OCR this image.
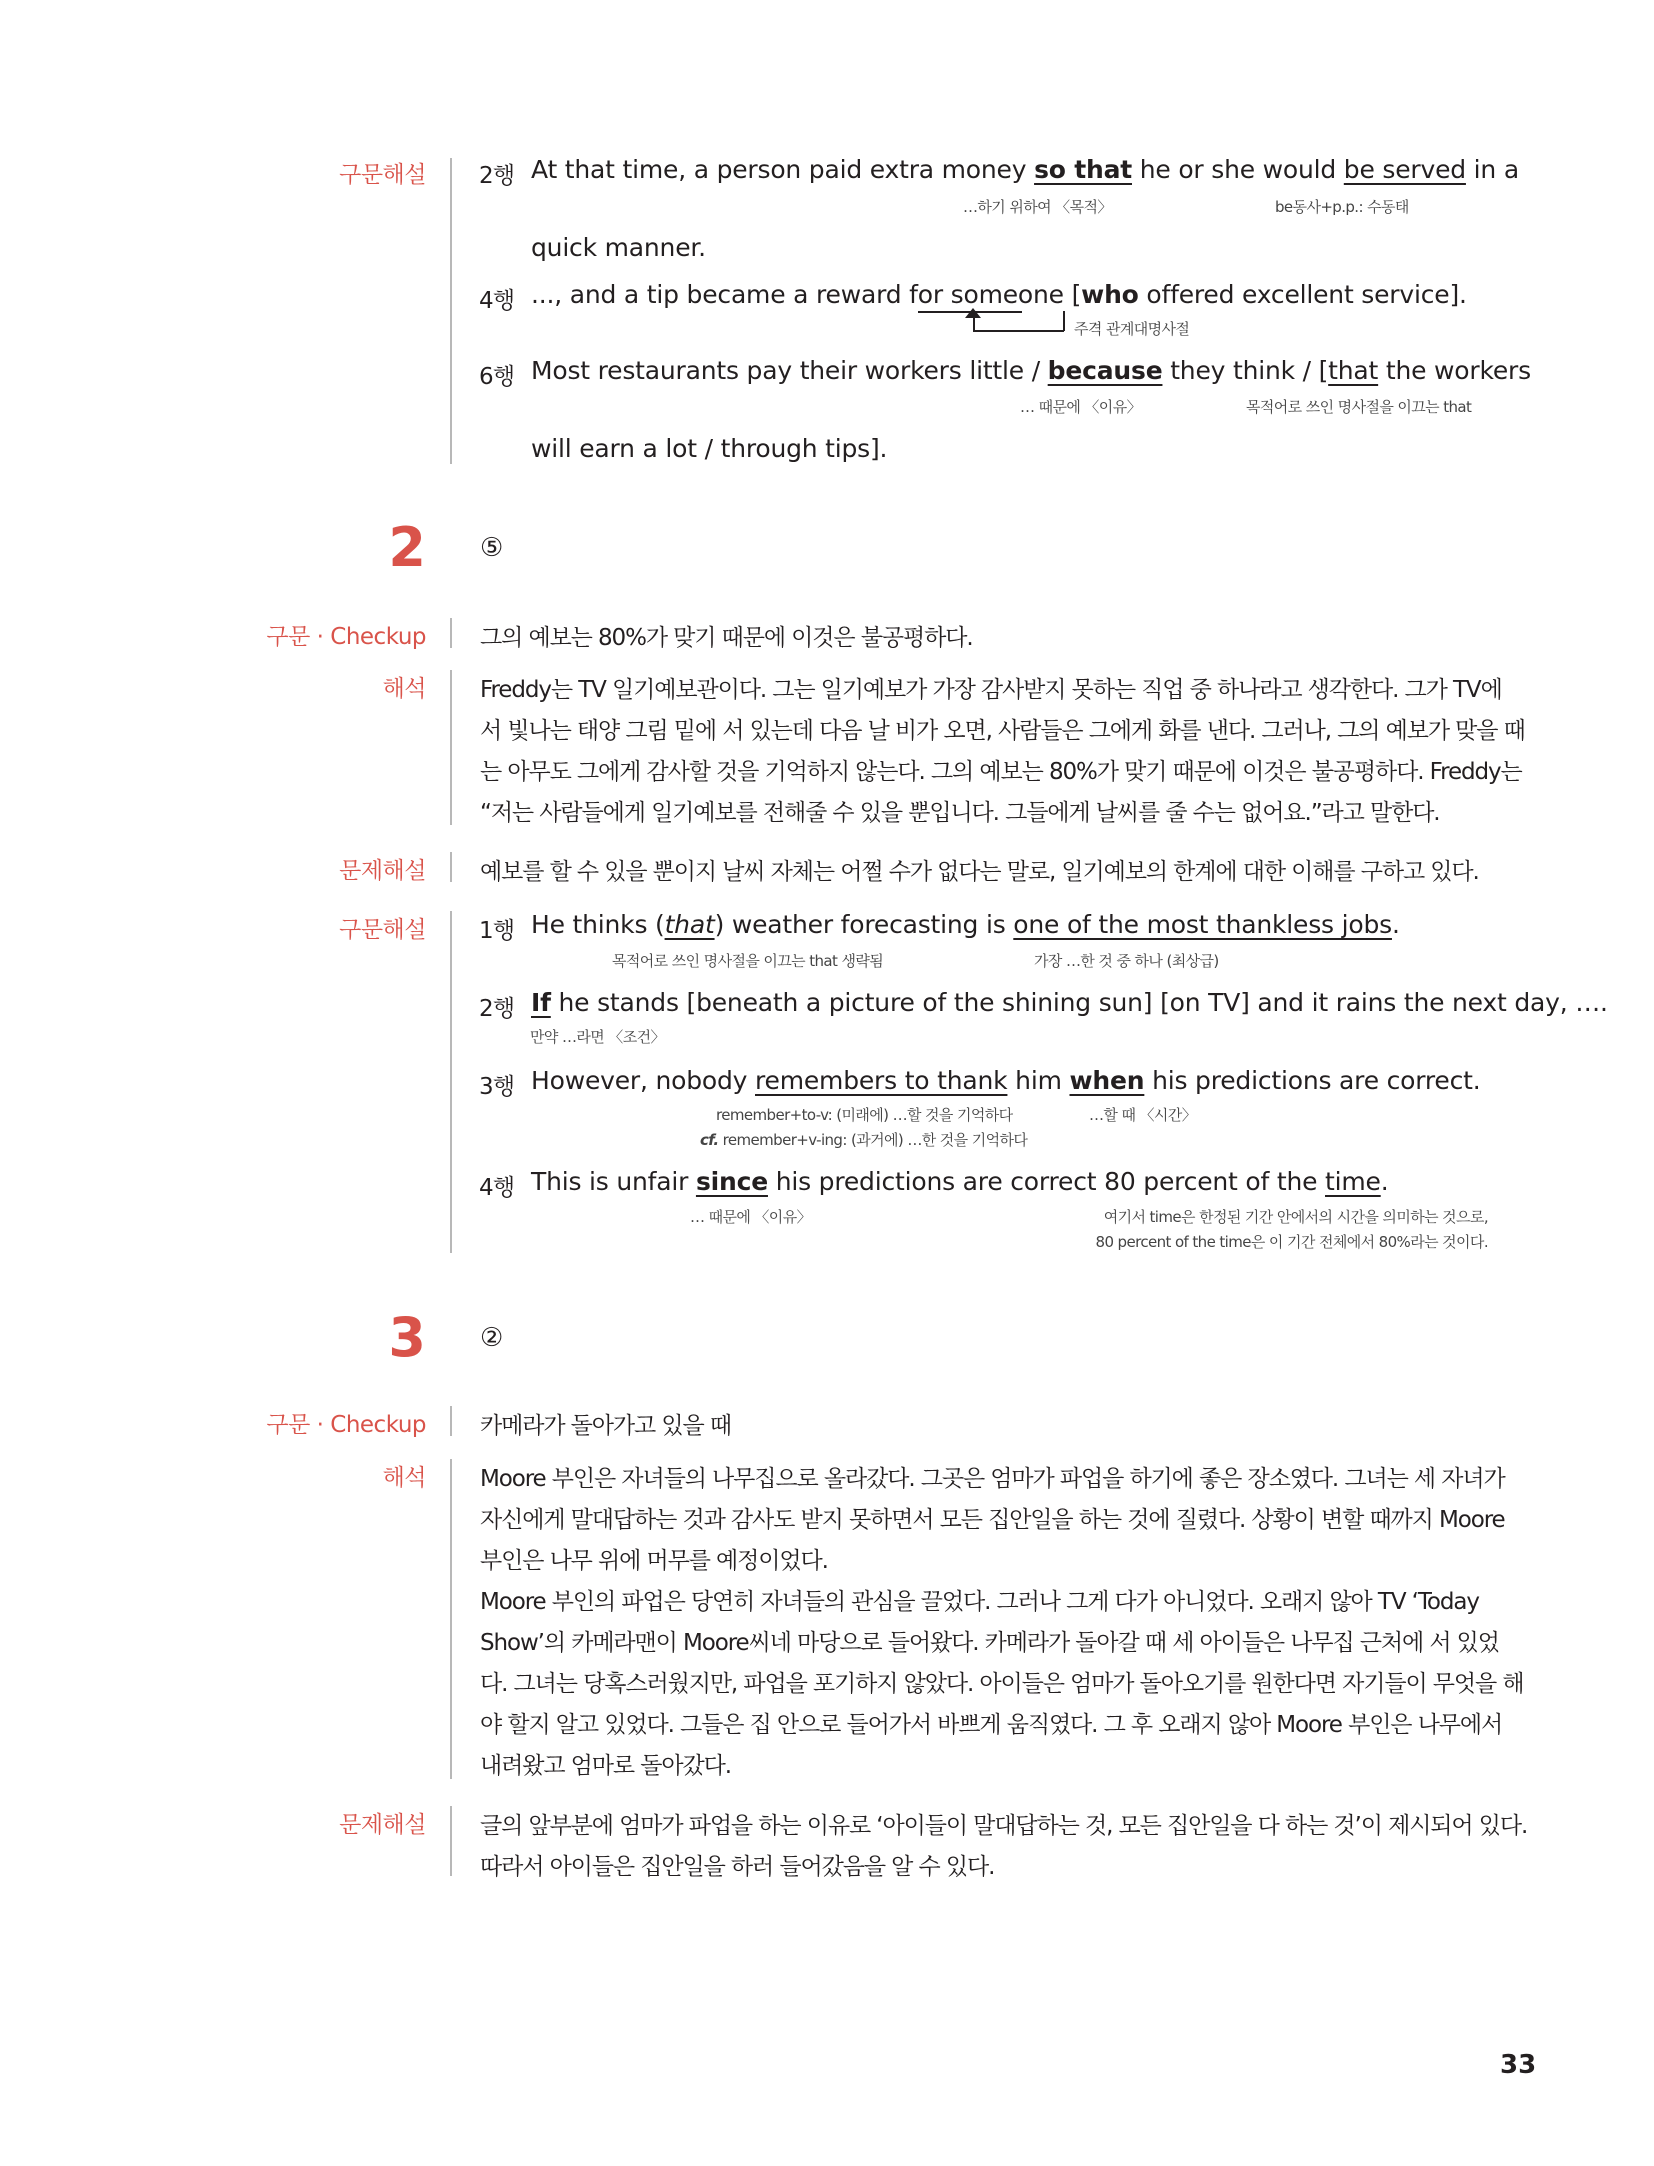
구문해설 2행 At that time, a person paid extra money so that he or she would be served in a
…하기 위하여 〈목적〉	be동사+p.p.: 수동태
quick manner.
4행 ..., and a tip became a reward for someone [who offered excellent service].
주격 관계대명사절
6행 Most restaurants pay their workers little / because they think / [that the workers
… 때문에 〈이유〉	목적어로 쓰인 명사절을 이끄는 that
will earn a lot / through tips].
2 ⑤
구문 · Checkup 그의 예보는 80%가 맞기 때문에 이것은 불공평하다.
해석 Freddy는 TV 일기예보관이다. 그는 일기예보가 가장 감사받지 못하는 직업 중 하나라고 생각한다. 그가 TV에
서 빛나는 태양 그림 밑에 서 있는데 다음 날 비가 오면, 사람들은 그에게 화를 낸다. 그러나, 그의 예보가 맞을 때
는 아무도 그에게 감사할 것을 기억하지 않는다. 그의 예보는 80%가 맞기 때문에 이것은 불공평하다. Freddy는
“저는 사람들에게 일기예보를 전해줄 수 있을 뿐입니다. 그들에게 날씨를 줄 수는 없어요.”라고 말한다.
문제해설 예보를 할 수 있을 뿐이지 날씨 자체는 어쩔 수가 없다는 말로, 일기예보의 한계에 대한 이해를 구하고 있다.
구문해설 1행 He thinks (that) weather forecasting is one of the most thankless jobs.
목적어로 쓰인 명사절을 이끄는 that 생략됨	가장 …한 것 중 하나 (최상급)
2행 If he stands [beneath a picture of the shining sun] [on TV] and it rains the next day, ….
만약 …라면 〈조건〉
3행 However, nobody remembers to thank him when his predictions are correct.
remember+to-v: (미래에) …할 것을 기억하다	…할 때 〈시간〉
cf. remember+v-ing: (과거에) …한 것을 기억하다
4행 This is unfair since his predictions are correct 80 percent of the time.
… 때문에 〈이유〉	여기서 time은 한정된 기간 안에서의 시간을 의미하는 것으로,
80 percent of the time은 이 기간 전체에서 80%라는 것이다.
3 ②
구문 · Checkup 카메라가 돌아가고 있을 때
해석 Moore 부인은 자녀들의 나무집으로 올라갔다. 그곳은 엄마가 파업을 하기에 좋은 장소였다. 그녀는 세 자녀가
자신에게 말대답하는 것과 감사도 받지 못하면서 모든 집안일을 하는 것에 질렸다. 상황이 변할 때까지 Moore
부인은 나무 위에 머무를 예정이었다.
Moore 부인의 파업은 당연히 자녀들의 관심을 끌었다. 그러나 그게 다가 아니었다. 오래지 않아 TV ‘Today
Show’의 카메라맨이 Moore씨네 마당으로 들어왔다. 카메라가 돌아갈 때 세 아이들은 나무집 근처에 서 있었
다. 그녀는 당혹스러웠지만, 파업을 포기하지 않았다. 아이들은 엄마가 돌아오기를 원한다면 자기들이 무엇을 해
야 할지 알고 있었다. 그들은 집 안으로 들어가서 바쁘게 움직였다. 그 후 오래지 않아 Moore 부인은 나무에서
내려왔고 엄마로 돌아갔다.
문제해설 글의 앞부분에 엄마가 파업을 하는 이유로 ‘아이들이 말대답하는 것, 모든 집안일을 다 하는 것’이 제시되어 있다.
따라서 아이들은 집안일을 하러 들어갔음을 알 수 있다.
33
